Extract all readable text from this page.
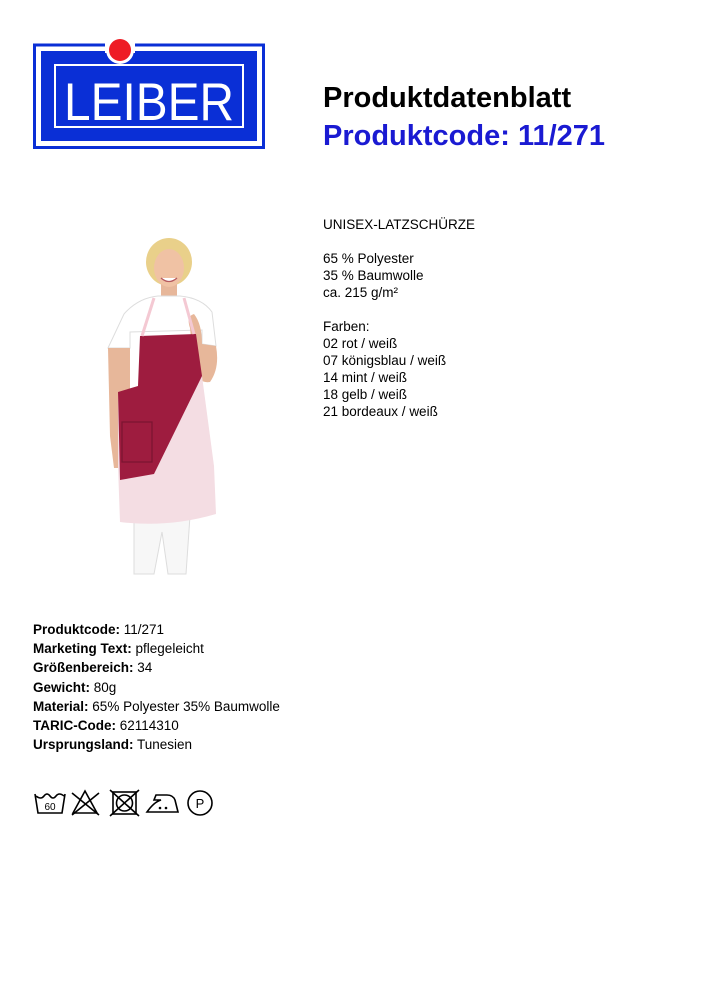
LEIBER	Produktdatenblatt
Produktcode: 11/271
UNISEX-LATZSCHÜRZE
65 % Polyester
35 % Baumwolle
ca. 215 g/m²
Farben:
02 rot / weiß
07 königsblau / weiß
14 mint / weiß
18 gelb / weiß
21 bordeaux / weiß
Produktcode: 11/271
Marketing Text: pflegeleicht
Größenbereich: 34
Gewicht: 80g
Material: 65% Polyester 35% Baumwolle
TARIC-Code: 62114310
Ursprungsland: Tunesien
60	P
